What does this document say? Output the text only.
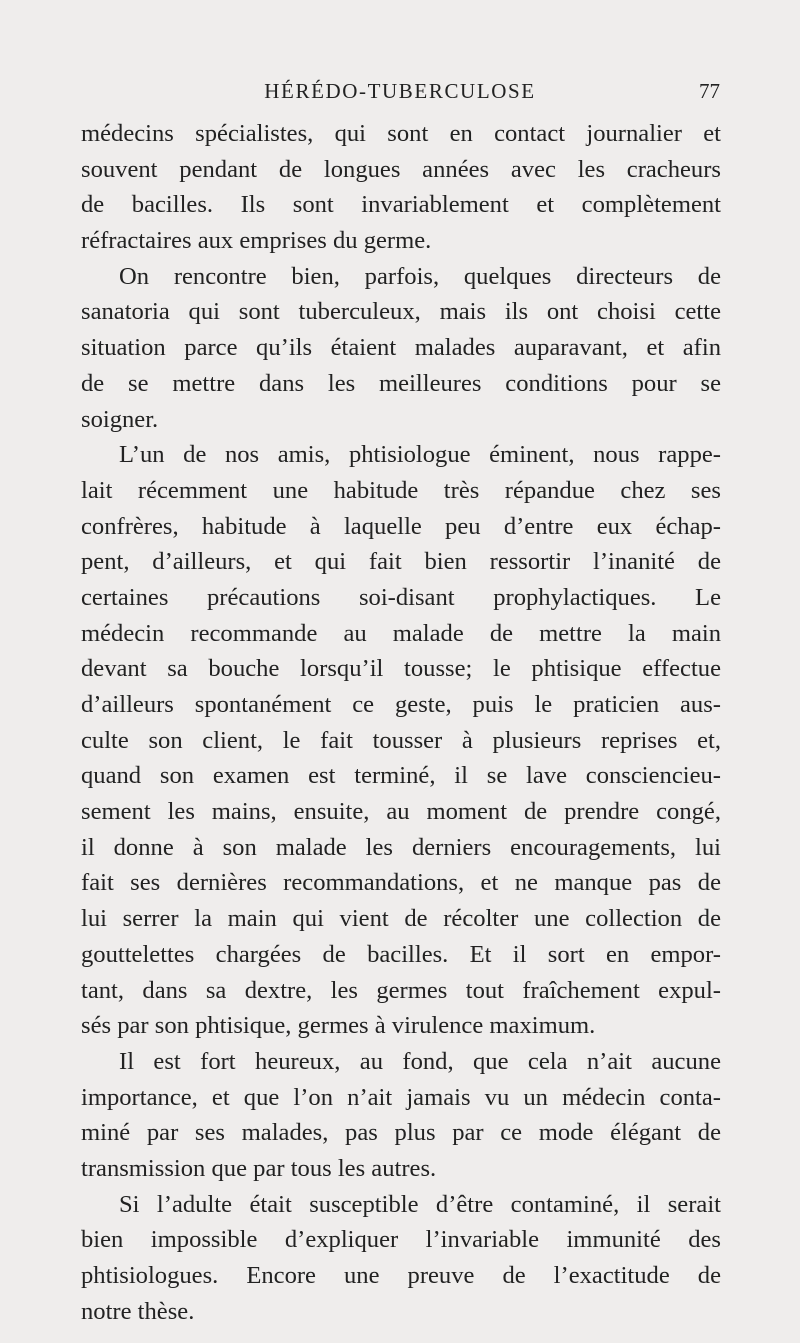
HÉRÉDO-TUBERCULOSE	77
médecins spécialistes, qui sont en contact journalier et
souvent pendant de longues années avec les cracheurs
de bacilles. Ils sont invariablement et complètement
réfractaires aux emprises du germe.
On rencontre bien, parfois, quelques directeurs de
sanatoria qui sont tuberculeux, mais ils ont choisi cette
situation parce qu’ils étaient malades auparavant, et afin
de se mettre dans les meilleures conditions pour se
soigner.
L’un de nos amis, phtisiologue éminent, nous rappe-
lait récemment une habitude très répandue chez ses
confrères, habitude à laquelle peu d’entre eux échap-
pent, d’ailleurs, et qui fait bien ressortir l’inanité de
certaines précautions soi-disant prophylactiques. Le
médecin recommande au malade de mettre la main
devant sa bouche lorsqu’il tousse; le phtisique effectue
d’ailleurs spontanément ce geste, puis le praticien aus-
culte son client, le fait tousser à plusieurs reprises et,
quand son examen est terminé, il se lave consciencieu-
sement les mains, ensuite, au moment de prendre congé,
il donne à son malade les derniers encouragements, lui
fait ses dernières recommandations, et ne manque pas de
lui serrer la main qui vient de récolter une collection de
gouttelettes chargées de bacilles. Et il sort en empor-
tant, dans sa dextre, les germes tout fraîchement expul-
sés par son phtisique, germes à virulence maximum.
Il est fort heureux, au fond, que cela n’ait aucune
importance, et que l’on n’ait jamais vu un médecin conta-
miné par ses malades, pas plus par ce mode élégant de
transmission que par tous les autres.
Si l’adulte était susceptible d’être contaminé, il serait
bien impossible d’expliquer l’invariable immunité des
phtisiologues. Encore une preuve de l’exactitude de
notre thèse.
